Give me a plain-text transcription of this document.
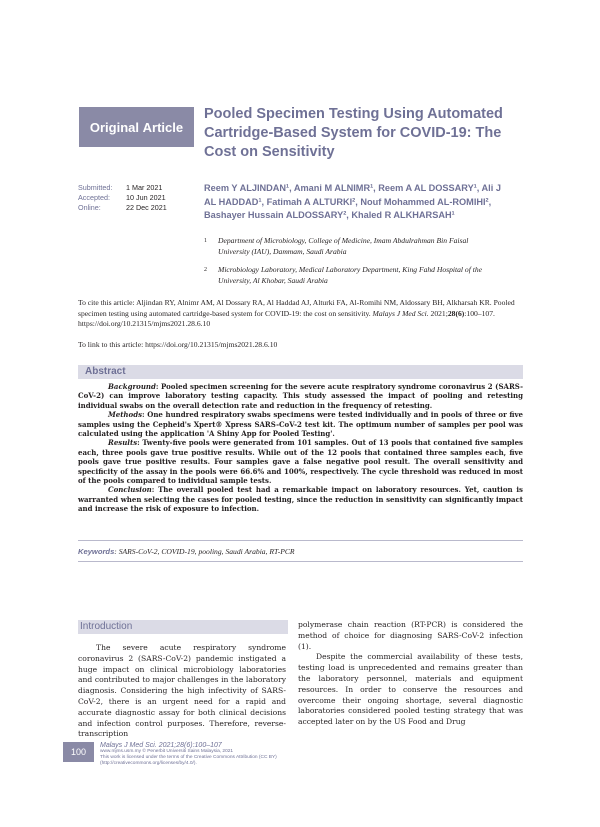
Original
Article
Pooled Specimen Testing Using Automated Cartridge-Based System for COVID-19: The Cost on Sensitivity
Submitted: 1 Mar 2021
Accepted: 10 Jun 2021
Online:	22 Dec 2021
Reem Y ALJINDAN¹, Amani M ALNIMR¹, Reem A AL DOSSARY¹, Ali J AL HADDAD¹, Fatimah A ALTURKI², Nouf Mohammed AL-ROMIHI², Bashayer Hussain ALDOSSARY², Khaled R ALKHARSAH¹
1 Department of Microbiology, College of Medicine, Imam Abdulrahman Bin Faisal University (IAU), Dammam, Saudi Arabia
2 Microbiology Laboratory, Medical Laboratory Department, King Fahd Hospital of the University, Al Khobar, Saudi Arabia
To cite this article: Aljindan RY, Alnimr AM, Al Dossary RA, Al Haddad AJ, Alturki FA, Al-Romihi NM, Aldossary BH, Alkharsah KR. Pooled specimen testing using automated cartridge-based system for COVID-19: the cost on sensitivity. Malays J Med Sci. 2021;28(6):100–107. https://doi.org/10.21315/mjms2021.28.6.10
To link to this article: https://doi.org/10.21315/mjms2021.28.6.10
Abstract

Background: Pooled specimen screening for the severe acute respiratory syndrome coronavirus 2 (SARS-CoV-2) can improve laboratory testing capacity. This study assessed the impact of pooling and retesting individual swabs on the overall detection rate and reduction in the frequency of retesting.

Methods: One hundred respiratory swabs specimens were tested individually and in pools of three or five samples using the Cepheid's Xpert® Xpress SARS-CoV-2 test kit. The optimum number of samples per pool was calculated using the application 'A Shiny App for Pooled Testing'.

Results: Twenty-five pools were generated from 101 samples. Out of 13 pools that contained five samples each, three pools gave true positive results. While out of the 12 pools that contained three samples each, five pools gave true positive results. Four samples gave a false negative pool result. The overall sensitivity and specificity of the assay in the pools were 66.6% and 100%, respectively. The cycle threshold was reduced in most of the pools compared to individual sample tests.

Conclusion: The overall pooled test had a remarkable impact on laboratory resources. Yet, caution is warranted when selecting the cases for pooled testing, since the reduction in sensitivity can significantly impact and increase the risk of exposure to infection.

Keywords: SARS-CoV-2, COVID-19, pooling, Saudi Arabia, RT-PCR
Introduction

The severe acute respiratory syndrome coronavirus 2 (SARS-CoV-2) pandemic instigated a huge impact on clinical microbiology laboratories and contributed to major challenges in the laboratory diagnosis. Considering the high infectivity of SARS-CoV-2, there is an urgent need for a rapid and accurate diagnostic assay for both clinical decisions and infection control purposes. Therefore, reverse-transcription

polymerase chain reaction (RT-PCR) is considered the method of choice for diagnosing SARS-CoV-2 infection (1).

Despite the commercial availability of these tests, testing load is unprecedented and remains greater than the laboratory personnel, materials and equipment resources. In order to conserve the resources and overcome their ongoing shortage, several diagnostic laboratories considered pooled testing strategy that was accepted later on by the US Food and Drug

100
Malays J Med Sci. 2021;28(6):100–107
www.mjms.usm.my © Penerbit Universiti Sains Malaysia, 2021
This work is licensed under the terms of the Creative Commons Attribution (CC BY)
(http://creativecommons.org/licenses/by/4.0/).
